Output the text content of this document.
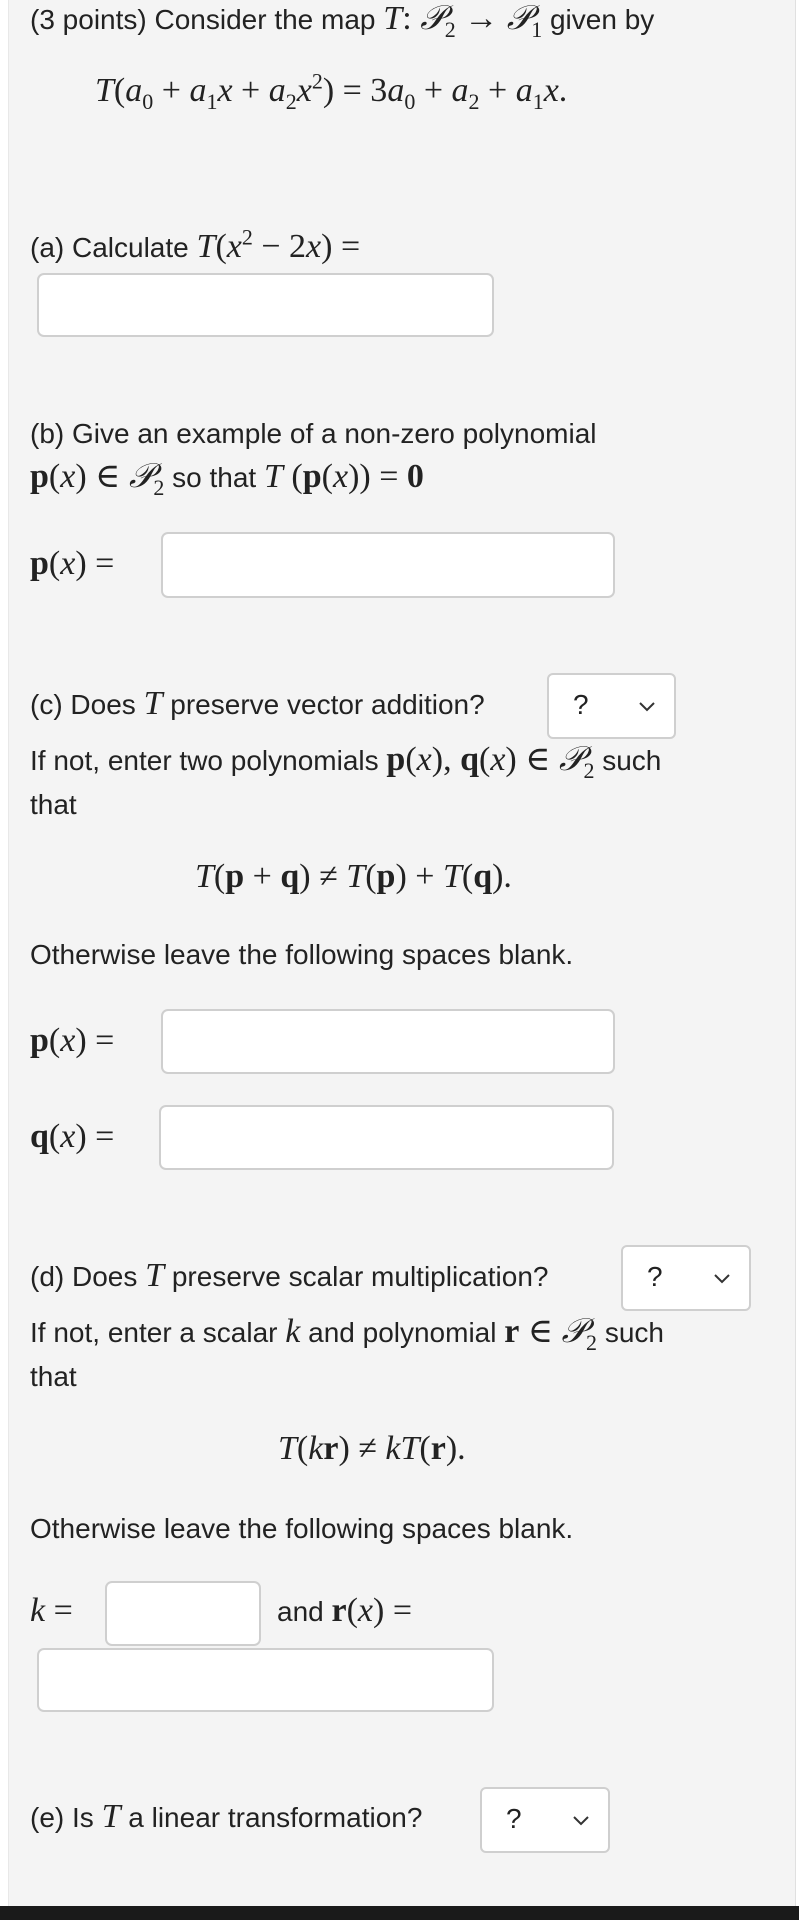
(3 points) Consider the map T: 𝒫$_2$ → 𝒫$_1$ given by
$T(a_0 + a_1x + a_2x^2) = 3a_0 + a_2 + a_1x$.
(a) Calculate $T(x^2 - 2x)$ =
(b) Give an example of a non-zero polynomial
p(x) ∈ 𝒫$_2$ so that T (p(x)) = 0
p(x) =
(c) Does T preserve vector addition?	?
If not, enter two polynomials p(x), q(x) ∈ 𝒫$_2$ such
that
T(p + q) ≠ T(p) + T(q).
Otherwise leave the following spaces blank.
p(x) =
q(x) =
(d) Does T preserve scalar multiplication?	?
If not, enter a scalar k and polynomial r ∈ 𝒫$_2$ such
that
T(kr) ≠ kT(r).
Otherwise leave the following spaces blank.
k =	and r(x) =
(e) Is T a linear transformation?	?
